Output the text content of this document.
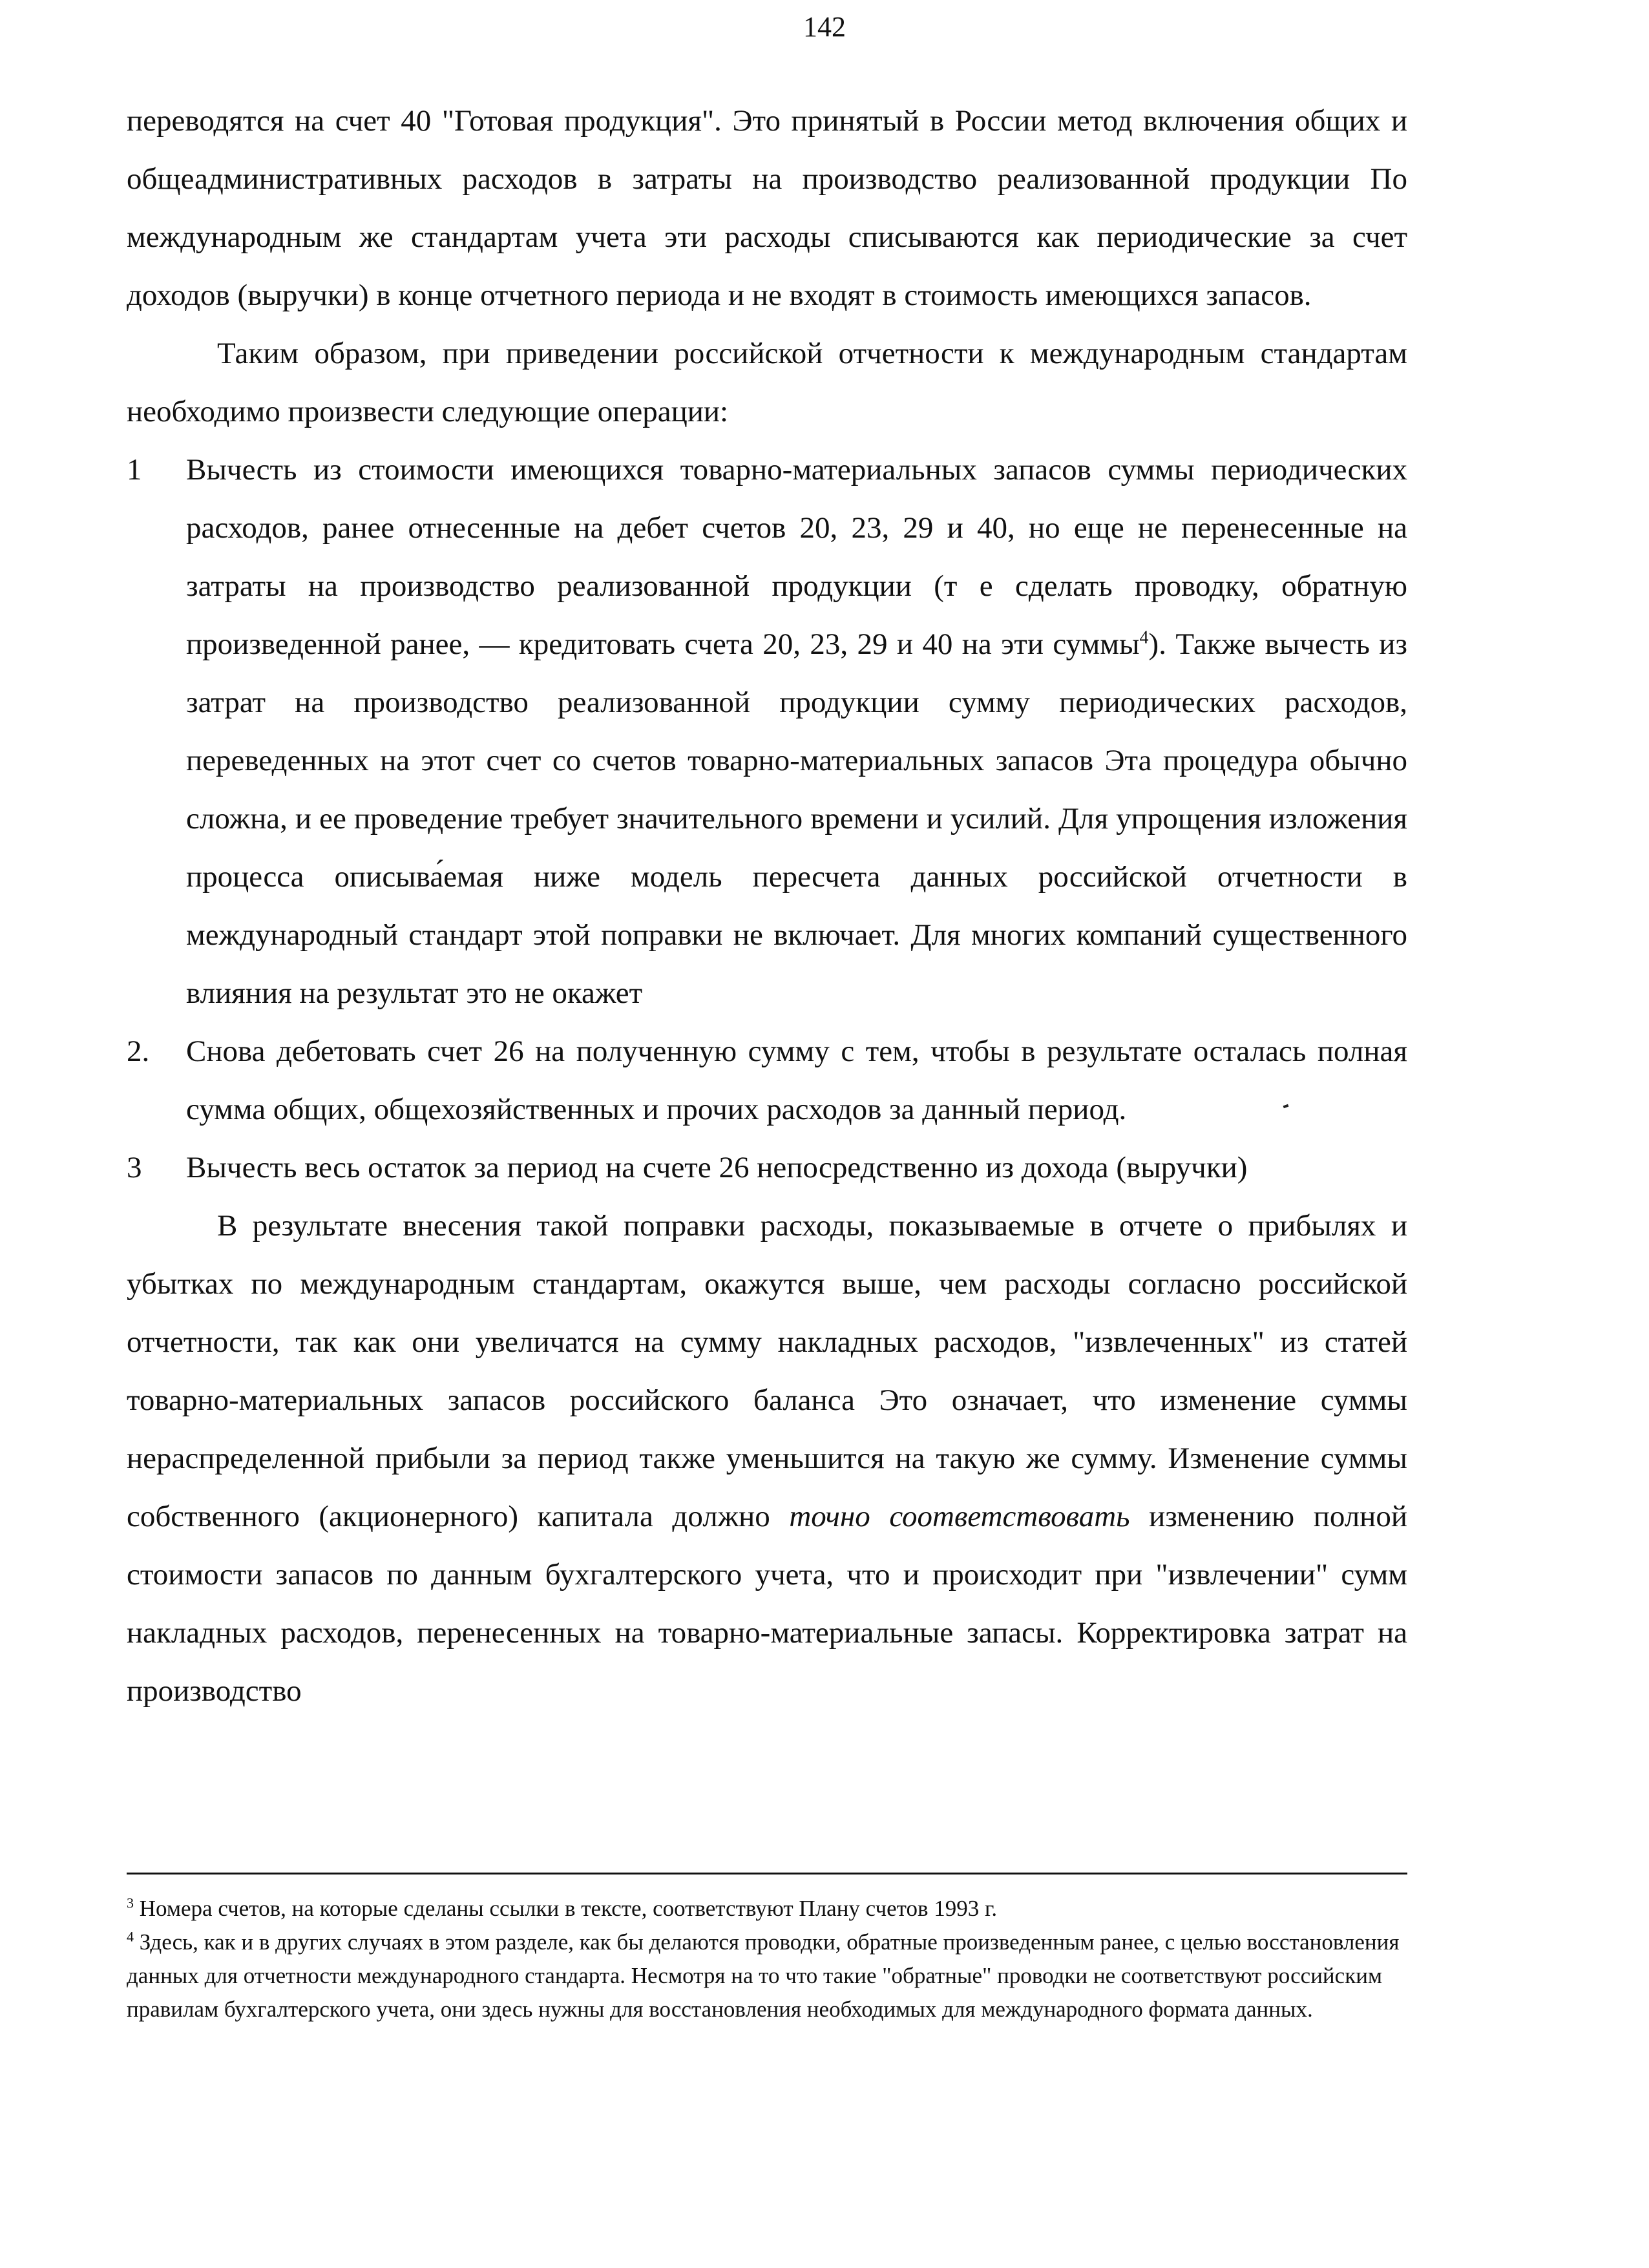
142

переводятся на счет 40 "Готовая продукция". Это принятый в России метод включения общих и общеадминистративных расходов в затраты на производство реализованной продукции По международным же стандартам учета эти расходы списываются как периодические за счет доходов (выручки) в конце отчетного периода и не входят в стоимость имеющихся запасов.

Таким образом, при приведении российской отчетности к международным стандартам необходимо произвести следующие операции:

1 Вычесть из стоимости имеющихся товарно-материальных запасов суммы периодических расходов, ранее отнесенные на дебет счетов 20, 23, 29 и 40, но еще не перенесенные на затраты на производство реализованной продукции (т е сделать проводку, обратную произведенной ранее, — кредитовать счета 20, 23, 29 и 40 на эти суммы$^4$). Также вычесть из затрат на производство реализованной продукции сумму периодических расходов, переведенных на этот счет со счетов товарно-материальных запасов Эта процедура обычно сложна, и ее проведение требует значительного времени и усилий. Для упрощения изложения процесса описыва́емая ниже модель пересчета данных российской отчетности в международный стандарт этой поправки не включает. Для многих компаний существенного влияния на результат это не окажет
2. Снова дебетовать счет 26 на полученную сумму с тем, чтобы в результате осталась полная сумма общих, общехозяйственных и прочих расходов за данный период.
3 Вычесть весь остаток за период на счете 26 непосредственно из дохода (выручки)

В результате внесения такой поправки расходы, показываемые в отчете о прибылях и убытках по международным стандартам, окажутся выше, чем расходы согласно российской отчетности, так как они увеличатся на сумму накладных расходов, "извлеченных" из статей товарно-материальных запасов российского баланса Это означает, что изменение суммы нераспределенной прибыли за период также уменьшится на такую же сумму. Изменение суммы собственного (акционерного) капитала должно точно соответствовать изменению полной стоимости запасов по данным бухгалтерского учета, что и происходит при "извлечении" сумм накладных расходов, перенесенных на товарно-материальные запасы. Корректировка затрат на производство

$^3$ Номера счетов, на которые сделаны ссылки в тексте, соответствуют Плану счетов 1993 г.

$^4$ Здесь, как и в других случаях в этом разделе, как бы делаются проводки, обратные произведенным ранее, с целью восстановления данных для отчетности международного стандарта. Несмотря на то что такие "обратные" проводки не соответствуют российским правилам бухгалтерского учета, они здесь нужны для восстановления необходимых для международного формата данных.
